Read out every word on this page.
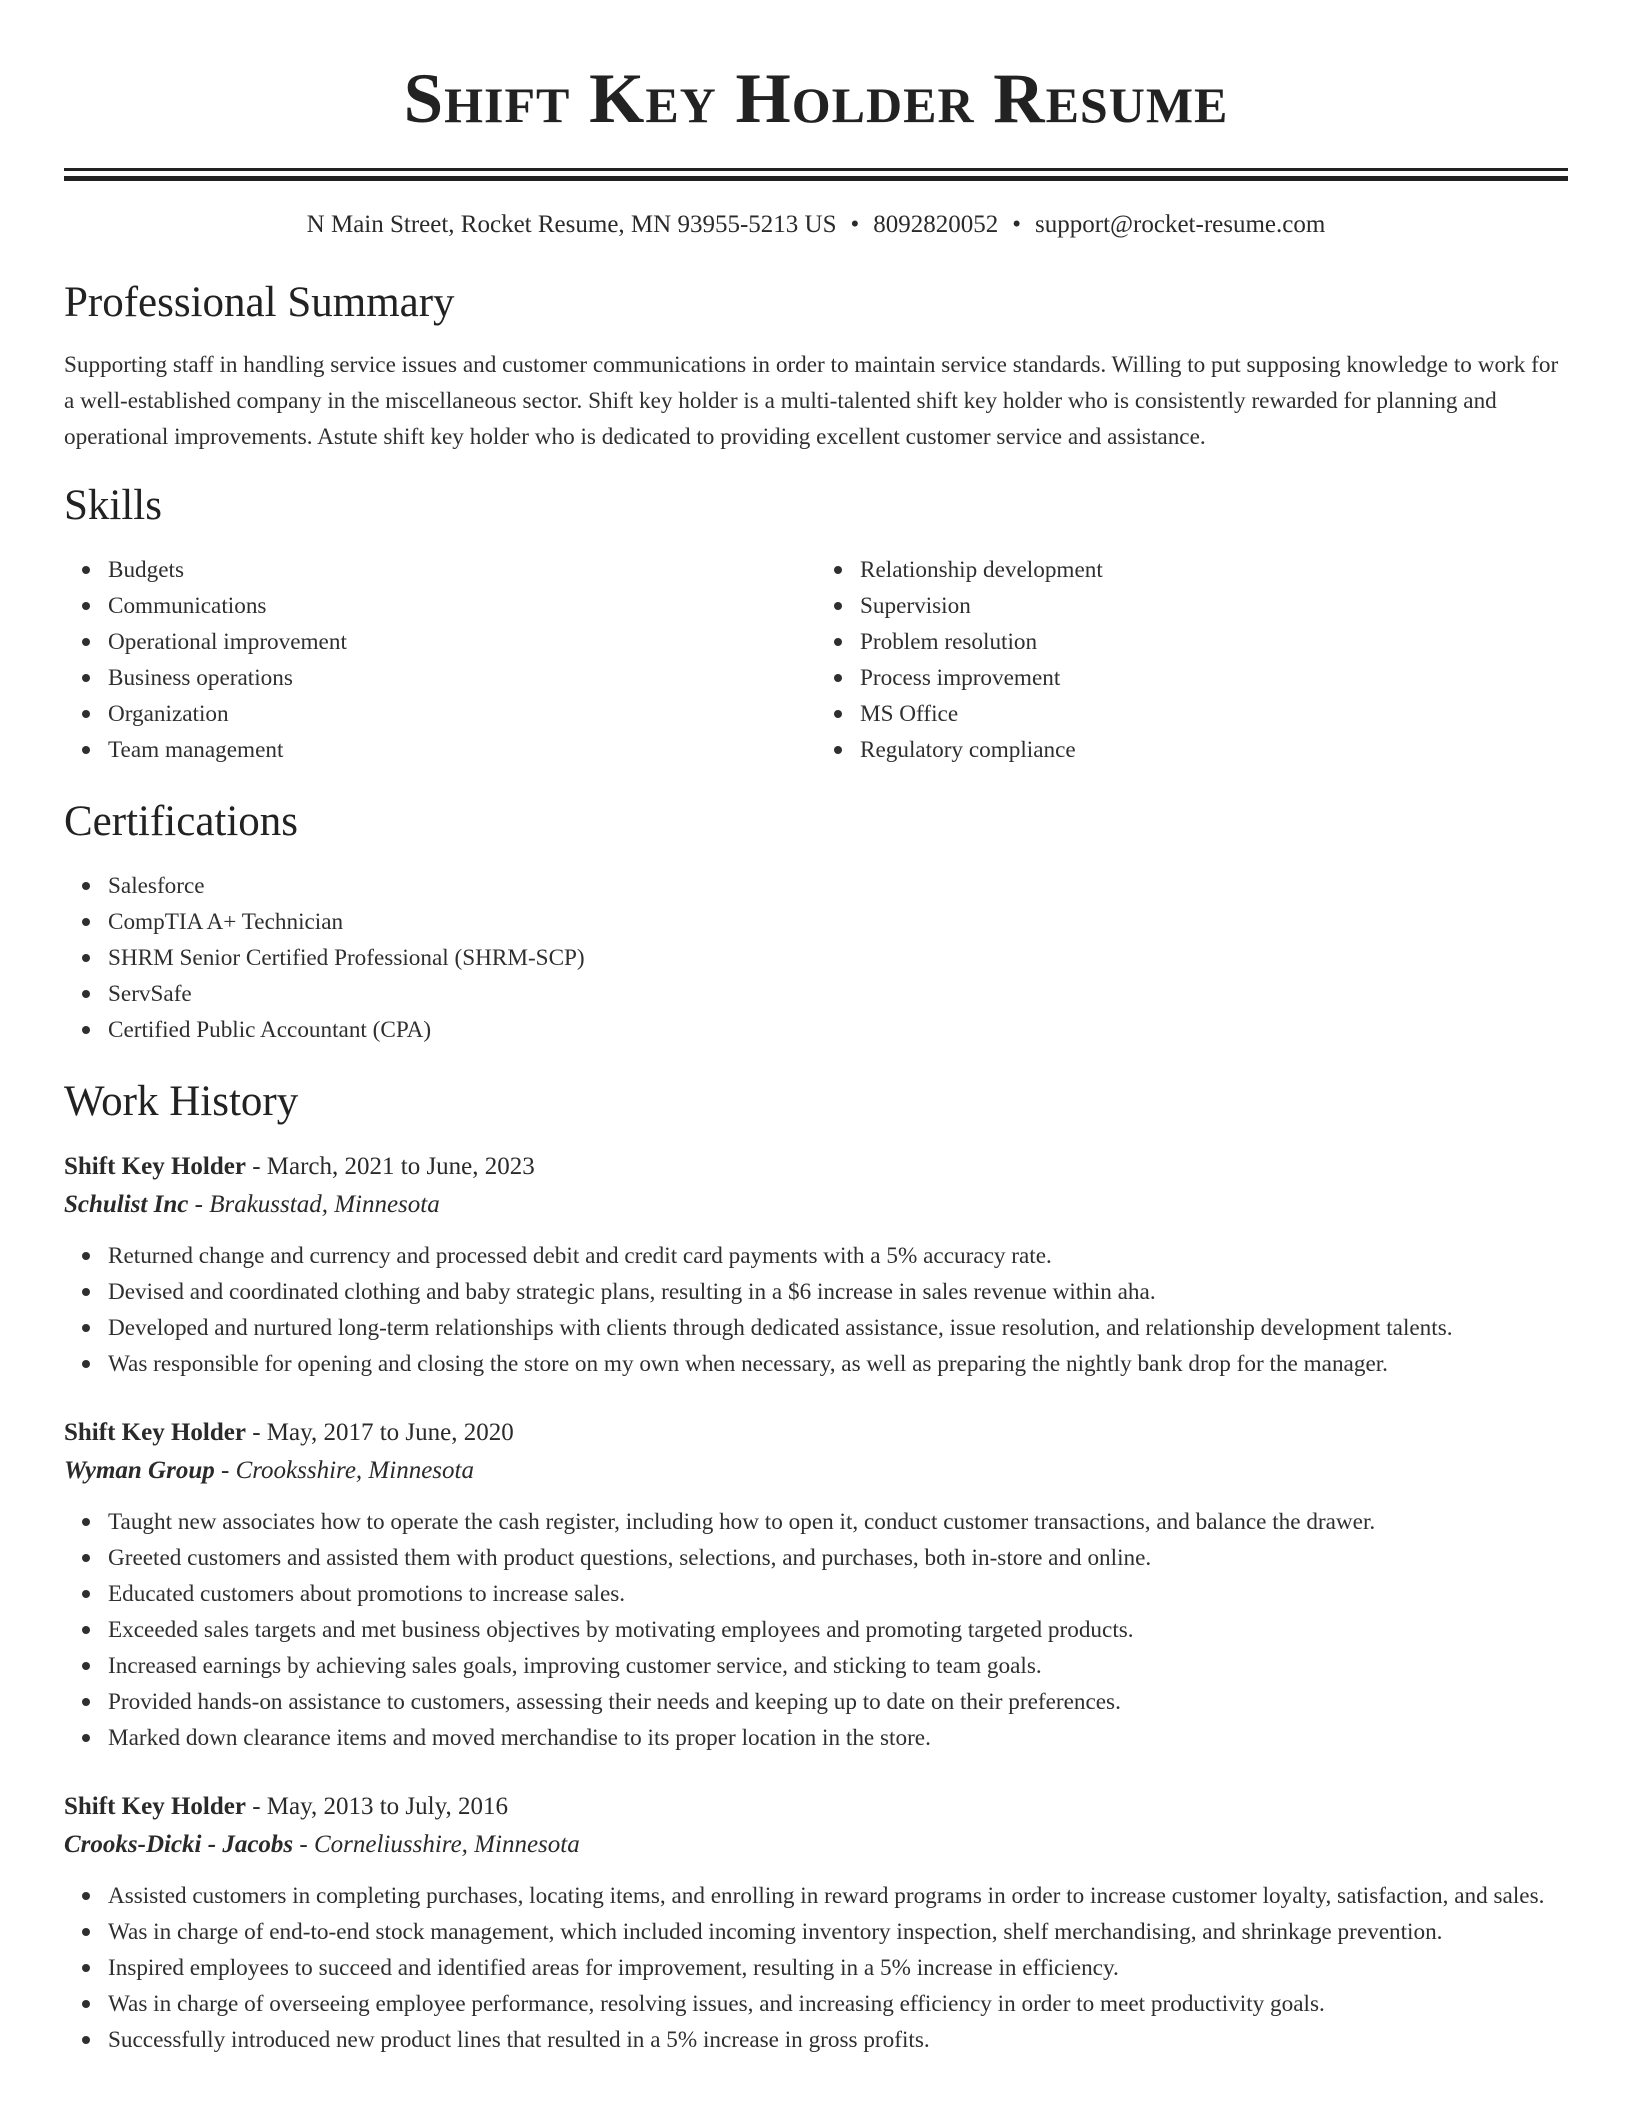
Shift Key Holder Resume
N Main Street, Rocket Resume, MN 93955-5213 US • 8092820052 • support@rocket-resume.com
Professional Summary

Supporting staff in handling service issues and customer communications in order to maintain service standards. Willing to put supposing knowledge to work for a well-established company in the miscellaneous sector. Shift key holder is a multi-talented shift key holder who is consistently rewarded for planning and operational improvements. Astute shift key holder who is dedicated to providing excellent customer service and assistance.

Skills
Budgets
Communications
Operational improvement
Business operations
Organization
Team management
Relationship development
Supervision
Problem resolution
Process improvement
MS Office
Regulatory compliance
Certifications
Salesforce
CompTIA A+ Technician
SHRM Senior Certified Professional (SHRM-SCP)
ServSafe
Certified Public Accountant (CPA)
Work History
Shift Key Holder - March, 2021 to June, 2023
Schulist Inc - Brakusstad, Minnesota
Returned change and currency and processed debit and credit card payments with a 5% accuracy rate.
Devised and coordinated clothing and baby strategic plans, resulting in a $6 increase in sales revenue within aha.
Developed and nurtured long-term relationships with clients through dedicated assistance, issue resolution, and relationship development talents.
Was responsible for opening and closing the store on my own when necessary, as well as preparing the nightly bank drop for the manager.
Shift Key Holder - May, 2017 to June, 2020
Wyman Group - Crooksshire, Minnesota
Taught new associates how to operate the cash register, including how to open it, conduct customer transactions, and balance the drawer.
Greeted customers and assisted them with product questions, selections, and purchases, both in-store and online.
Educated customers about promotions to increase sales.
Exceeded sales targets and met business objectives by motivating employees and promoting targeted products.
Increased earnings by achieving sales goals, improving customer service, and sticking to team goals.
Provided hands-on assistance to customers, assessing their needs and keeping up to date on their preferences.
Marked down clearance items and moved merchandise to its proper location in the store.
Shift Key Holder - May, 2013 to July, 2016
Crooks-Dicki - Jacobs - Corneliusshire, Minnesota
Assisted customers in completing purchases, locating items, and enrolling in reward programs in order to increase customer loyalty, satisfaction, and sales.
Was in charge of end-to-end stock management, which included incoming inventory inspection, shelf merchandising, and shrinkage prevention.
Inspired employees to succeed and identified areas for improvement, resulting in a 5% increase in efficiency.
Was in charge of overseeing employee performance, resolving issues, and increasing efficiency in order to meet productivity goals.
Successfully introduced new product lines that resulted in a 5% increase in gross profits.
